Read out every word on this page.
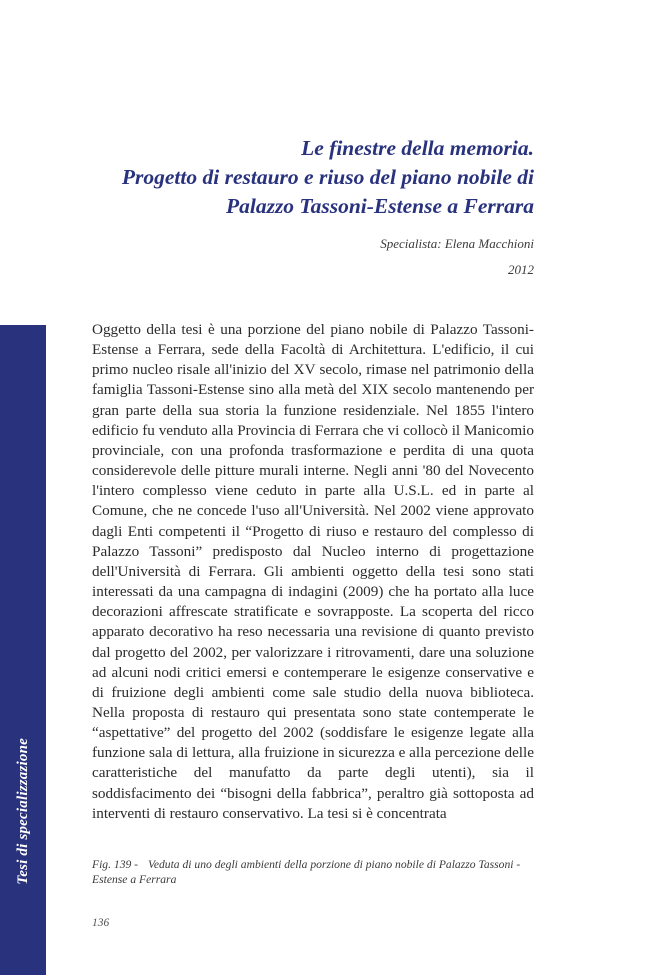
Tesi di specializzazione
Le finestre della memoria.
Progetto di restauro e riuso del piano nobile di
Palazzo Tassoni-Estense a Ferrara
Specialista: Elena Macchioni
2012

Oggetto della tesi è una porzione del piano nobile di Palazzo Tassoni-Estense a Ferrara, sede della Facoltà di Architettura. L'edificio, il cui primo nucleo risale all'inizio del XV secolo, rimase nel patrimonio della famiglia Tassoni-Estense sino alla metà del XIX secolo mantenendo per gran parte della sua storia la funzione residenziale. Nel 1855 l'intero edificio fu venduto alla Provincia di Ferrara che vi collocò il Manicomio provinciale, con una profonda trasformazione e perdita di una quota considerevole delle pitture murali interne. Negli anni '80 del Novecento l'intero complesso viene ceduto in parte alla U.S.L. ed in parte al Comune, che ne concede l'uso all'Università. Nel 2002 viene approvato dagli Enti competenti il “Progetto di riuso e restauro del complesso di Palazzo Tassoni” predisposto dal Nucleo interno di progettazione dell'Università di Ferrara. Gli ambienti oggetto della tesi sono stati interessati da una campagna di indagini (2009) che ha portato alla luce decorazioni affrescate stratificate e sovrapposte. La scoperta del ricco apparato decorativo ha reso necessaria una revisione di quanto previsto dal progetto del 2002, per valorizzare i ritrovamenti, dare una soluzione ad alcuni nodi critici emersi e contemperare le esigenze conservative e di fruizione degli ambienti come sale studio della nuova biblioteca. Nella proposta di restauro qui presentata sono state contemperate le “aspettative” del progetto del 2002 (soddisfare le esigenze legate alla funzione sala di lettura, alla fruizione in sicurezza e alla percezione delle caratteristiche del manufatto da parte degli utenti), sia il soddisfacimento dei “bisogni della fabbrica”, peraltro già sottoposta ad interventi di restauro conservativo. La tesi si è concentrata

Fig. 139 - Veduta di uno degli ambienti della porzione di piano nobile di Palazzo Tassoni - Estense a Ferrara
136
